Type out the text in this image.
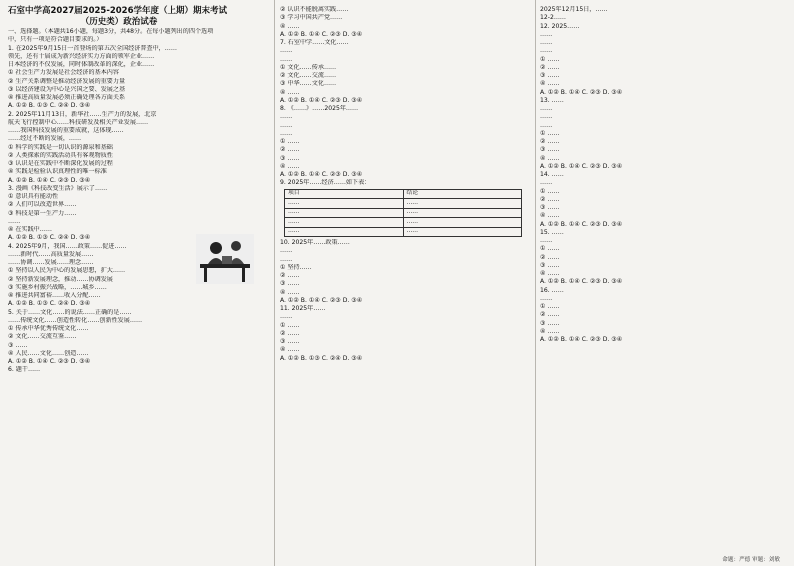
石室中学高2027届2025-2026学年度（上期）期末考试
（历史类）政治试卷
一、选择题。（本题共16小题，每题3分，共48分。在每小题列出的四个选项
中，只有一项是符合题目要求的。）
1. 在2025年9月15日一首登场的第五次全国经济普查中，……
领先，还有十届成为新兴经济实力方面的领军企业……
日本经济的不仅发展，同时体制改革的深化，企业……
① 社会生产力发展是社会经济的基本内容
② 生产关系调整是推动经济发展的重要力量
③ 以经济建设为中心是兴国之要、发展之基
④ 推进高质量发展必须正确处理各方面关系
A. ①② B. ①③ C. ②④ D. ③④
2. 2025年11月13日，新华社……生产力的发展，北京
航天飞行控制中心……科技研发及相关产业发展……
……我国科技发展的重要成就，这体现……
……经过不断的发展，……
① 科学的实践是一切认识的源泉和基础
② 人类探索的实践活动具有客观物质性
③ 认识是在实践中不断深化发展的过程
④ 实践是检验认识真理性的唯一标准
A. ①② B. ①④ C. ②③ D. ③④
3. 漫画《科技改变生活》展示了……
① 意识具有能动性
② 人们可以改造世界……
③ 科技是第一生产力……
……
④ 在实践中……
A. ①② B. ①③ C. ②④ D. ③④
4. 2025年9月，我国……政策……促进……
……新时代……高质量发展……
……协调……发展……理念……
① 坚持以人民为中心的发展思想，扩大……
② 坚持新发展理念，推动……协调发展
③ 实施乡村振兴战略，……城乡……
④ 推进共同富裕……收入分配……
A. ①② B. ①③ C. ②④ D. ③④
5. 关于……文化……的说法……正确的是……
……传统文化……创造性转化……创新性发展……
① 传承中华优秀传统文化……
② 文化……交流互鉴……
③ ……
④ 人民……文化……创造……
A. ①② B. ①④ C. ②③ D. ③④
6. 题干……
② 认识不能脱离实践……
③ 学习中国共产党……
④ ……
A. ①② B. ①④ C. ②③ D. ③④
7. 石室中学……文化……
……
……
① 文化……传承……
② 文化……交流……
③ 中华……文化……
④ ……
A. ①② B. ①④ C. ②③ D. ③④
8. 《……》……2025年……
……
……
……
① ……
② ……
③ ……
④ ……
A. ①② B. ①④ C. ②③ D. ③④
9. 2025年……经济……如下表：
项目	结论
……	……
……	……
……	……
……	……
10. 2025年……政策……
……
……
① 坚持……
② ……
③ ……
④ ……
A. ①② B. ①④ C. ②③ D. ③④
11. 2025年……
……
① ……
② ……
③ ……
④ ……
A. ①② B. ①③ C. ②④ D. ③④
2025年12月15日，……
12-2……
12. 2025……
……
……
……
① ……
② ……
③ ……
④ ……
A. ①② B. ①④ C. ②③ D. ③④
13. ……
……
……
……
① ……
② ……
③ ……
④ ……
A. ①② B. ①④ C. ②③ D. ③④
14. ……
……
① ……
② ……
③ ……
④ ……
A. ①② B. ①④ C. ②③ D. ③④
15. ……
……
① ……
② ……
③ ……
④ ……
A. ①② B. ①④ C. ②③ D. ③④
16. ……
……
① ……
② ……
③ ……
④ ……
A. ①② B. ①④ C. ②③ D. ③④
命题：严德 审题：刘敏
